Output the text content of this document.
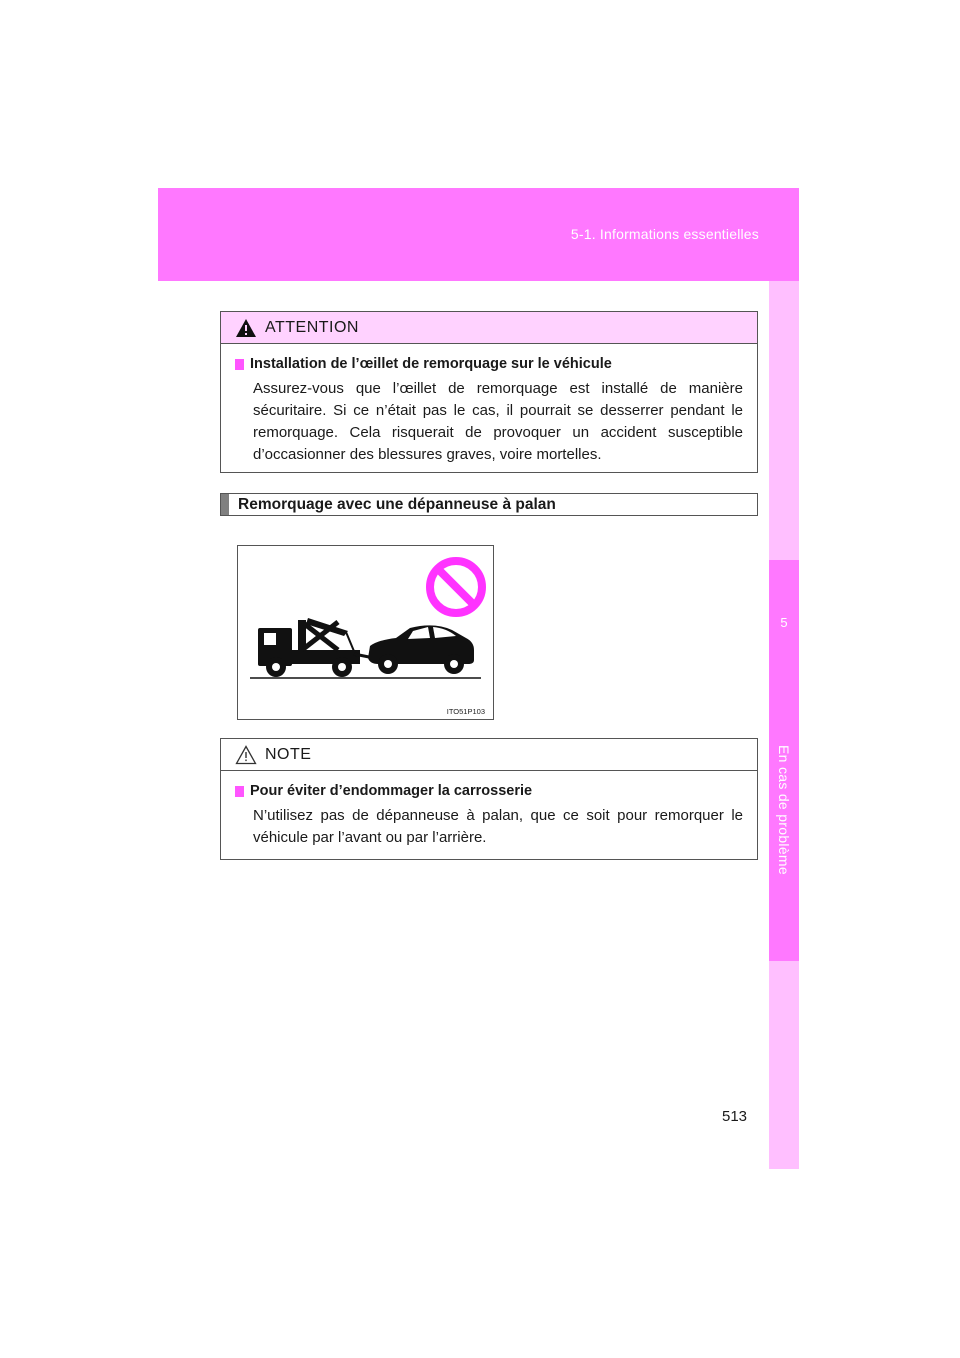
5-1. Informations essentielles
5
En cas de problème
ATTENTION
Installation de l’œillet de remorquage sur le véhicule
Assurez-vous que l’œillet de remorquage est installé de manière sécuritaire. Si ce n’était pas le cas, il pourrait se desserrer pendant le remorquage. Cela risquerait de provoquer un accident susceptible d’occasionner des blessures graves, voire mortelles.
Remorquage avec une dépanneuse à palan
ITO51P103
NOTE
Pour éviter d’endommager la carrosserie
N’utilisez pas de dépanneuse à palan, que ce soit pour remorquer le véhicule par l’avant ou par l’arrière.
513
